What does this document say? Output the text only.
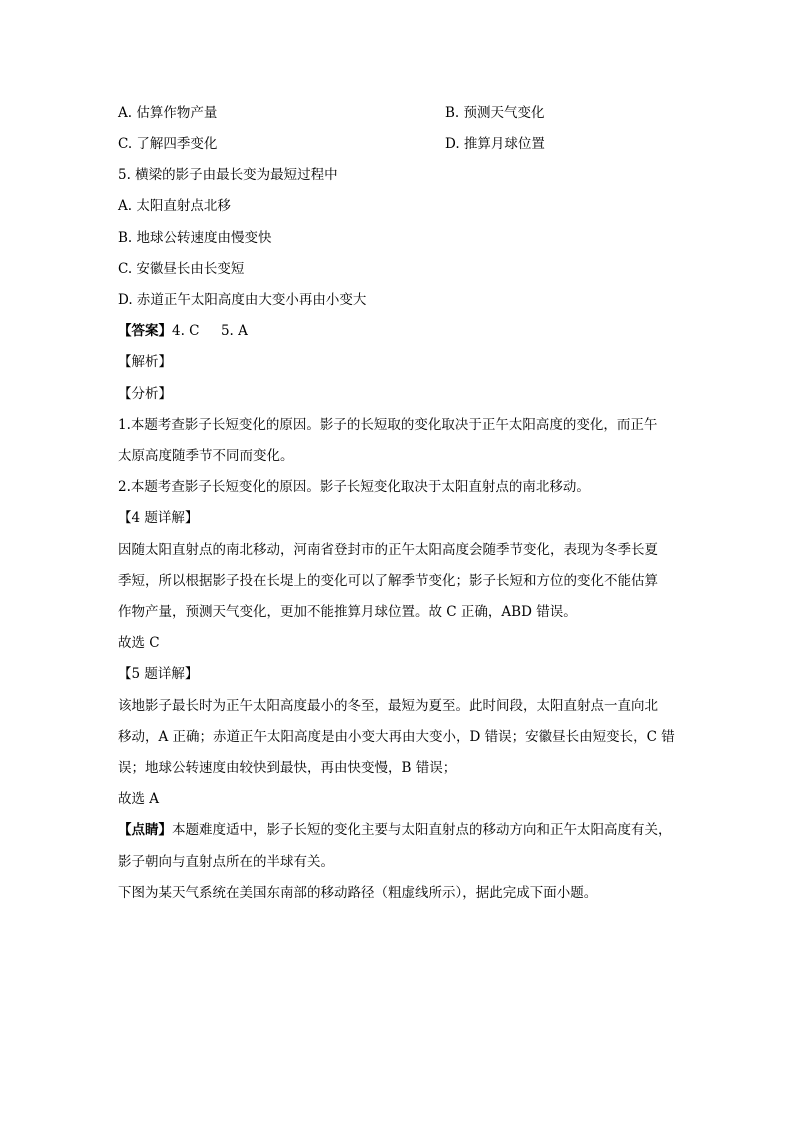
A. 估算作物产量	B. 预测天气变化
C. 了解四季变化	D. 推算月球位置
5. 横梁的影子由最长变为最短过程中
A. 太阳直射点北移
B. 地球公转速度由慢变快
C. 安徽昼长由长变短
D. 赤道正午太阳高度由大变小再由小变大
【答案】4. C     5. A
【解析】
【分析】
1.本题考查影子长短变化的原因。影子的长短取的变化取决于正午太阳高度的变化，而正午
太原高度随季节不同而变化。
2.本题考查影子长短变化的原因。影子长短变化取决于太阳直射点的南北移动。
【4 题详解】
因随太阳直射点的南北移动，河南省登封市的正午太阳高度会随季节变化，表现为冬季长夏
季短，所以根据影子投在长堤上的变化可以了解季节变化；影子长短和方位的变化不能估算
作物产量，预测天气变化，更加不能推算月球位置。故 C 正确，ABD 错误。
故选 C
【5 题详解】
该地影子最长时为正午太阳高度最小的冬至，最短为夏至。此时间段，太阳直射点一直向北
移动，A 正确；赤道正午太阳高度是由小变大再由大变小，D 错误；安徽昼长由短变长，C 错
误；地球公转速度由较快到最快，再由快变慢，B 错误；
故选 A
【点睛】本题难度适中，影子长短的变化主要与太阳直射点的移动方向和正午太阳高度有关，
影子朝向与直射点所在的半球有关。
下图为某天气系统在美国东南部的移动路径（粗虚线所示），据此完成下面小题。
